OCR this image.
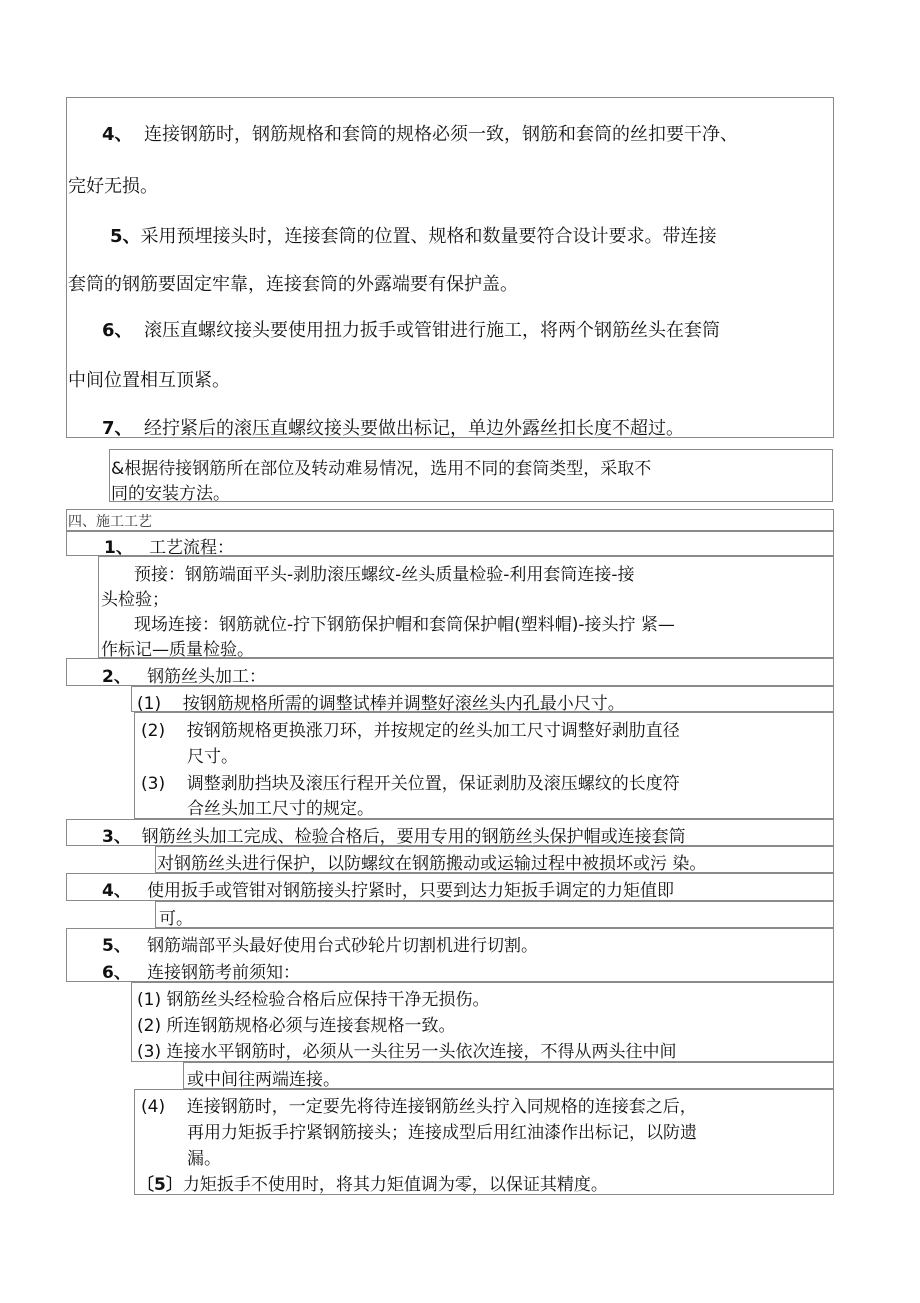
4、 连接钢筋时，钢筋规格和套筒的规格必须一致，钢筋和套筒的丝扣要干净、
完好无损。
5、采用预埋接头时，连接套筒的位置、规格和数量要符合设计要求。带连接
套筒的钢筋要固定牢靠，连接套筒的外露端要有保护盖。
6、 滚压直螺纹接头要使用扭力扳手或管钳进行施工，将两个钢筋丝头在套筒
中间位置相互顶紧。
7、 经拧紧后的滚压直螺纹接头要做出标记，单边外露丝扣长度不超过。
&根据待接钢筋所在部位及转动难易情况，选用不同的套筒类型，采取不
同的安装方法。
四、施工工艺
1、 工艺流程：
预接：钢筋端面平头-剥肋滚压螺纹-丝头质量检验-利用套筒连接-接
头检验；
现场连接：钢筋就位-拧下钢筋保护帽和套筒保护帽(塑料帽)-接头拧 紧—
作标记—质量检验。
2、 钢筋丝头加工：
(1) 按钢筋规格所需的调整试棒并调整好滚丝头内孔最小尺寸。
(2) 按钢筋规格更换涨刀环，并按规定的丝头加工尺寸调整好剥肋直径
尺寸。
(3) 调整剥肋挡块及滚压行程开关位置，保证剥肋及滚压螺纹的长度符
合丝头加工尺寸的规定。
3、 钢筋丝头加工完成、检验合格后，要用专用的钢筋丝头保护帽或连接套筒
对钢筋丝头进行保护，以防螺纹在钢筋搬动或运输过程中被损坏或污 染。
4、 使用扳手或管钳对钢筋接头拧紧时，只要到达力矩扳手调定的力矩值即
可。
5、 钢筋端部平头最好使用台式砂轮片切割机进行切割。
6、 连接钢筋考前须知：
(1) 钢筋丝头经检验合格后应保持干净无损伤。
(2) 所连钢筋规格必须与连接套规格一致。
(3) 连接水平钢筋时，必须从一头往另一头依次连接，不得从两头往中间
或中间往两端连接。
(4) 连接钢筋时，一定要先将待连接钢筋丝头拧入同规格的连接套之后，
再用力矩扳手拧紧钢筋接头；连接成型后用红油漆作出标记，以防遗
漏。
〔5〕力矩扳手不使用时，将其力矩值调为零，以保证其精度。
